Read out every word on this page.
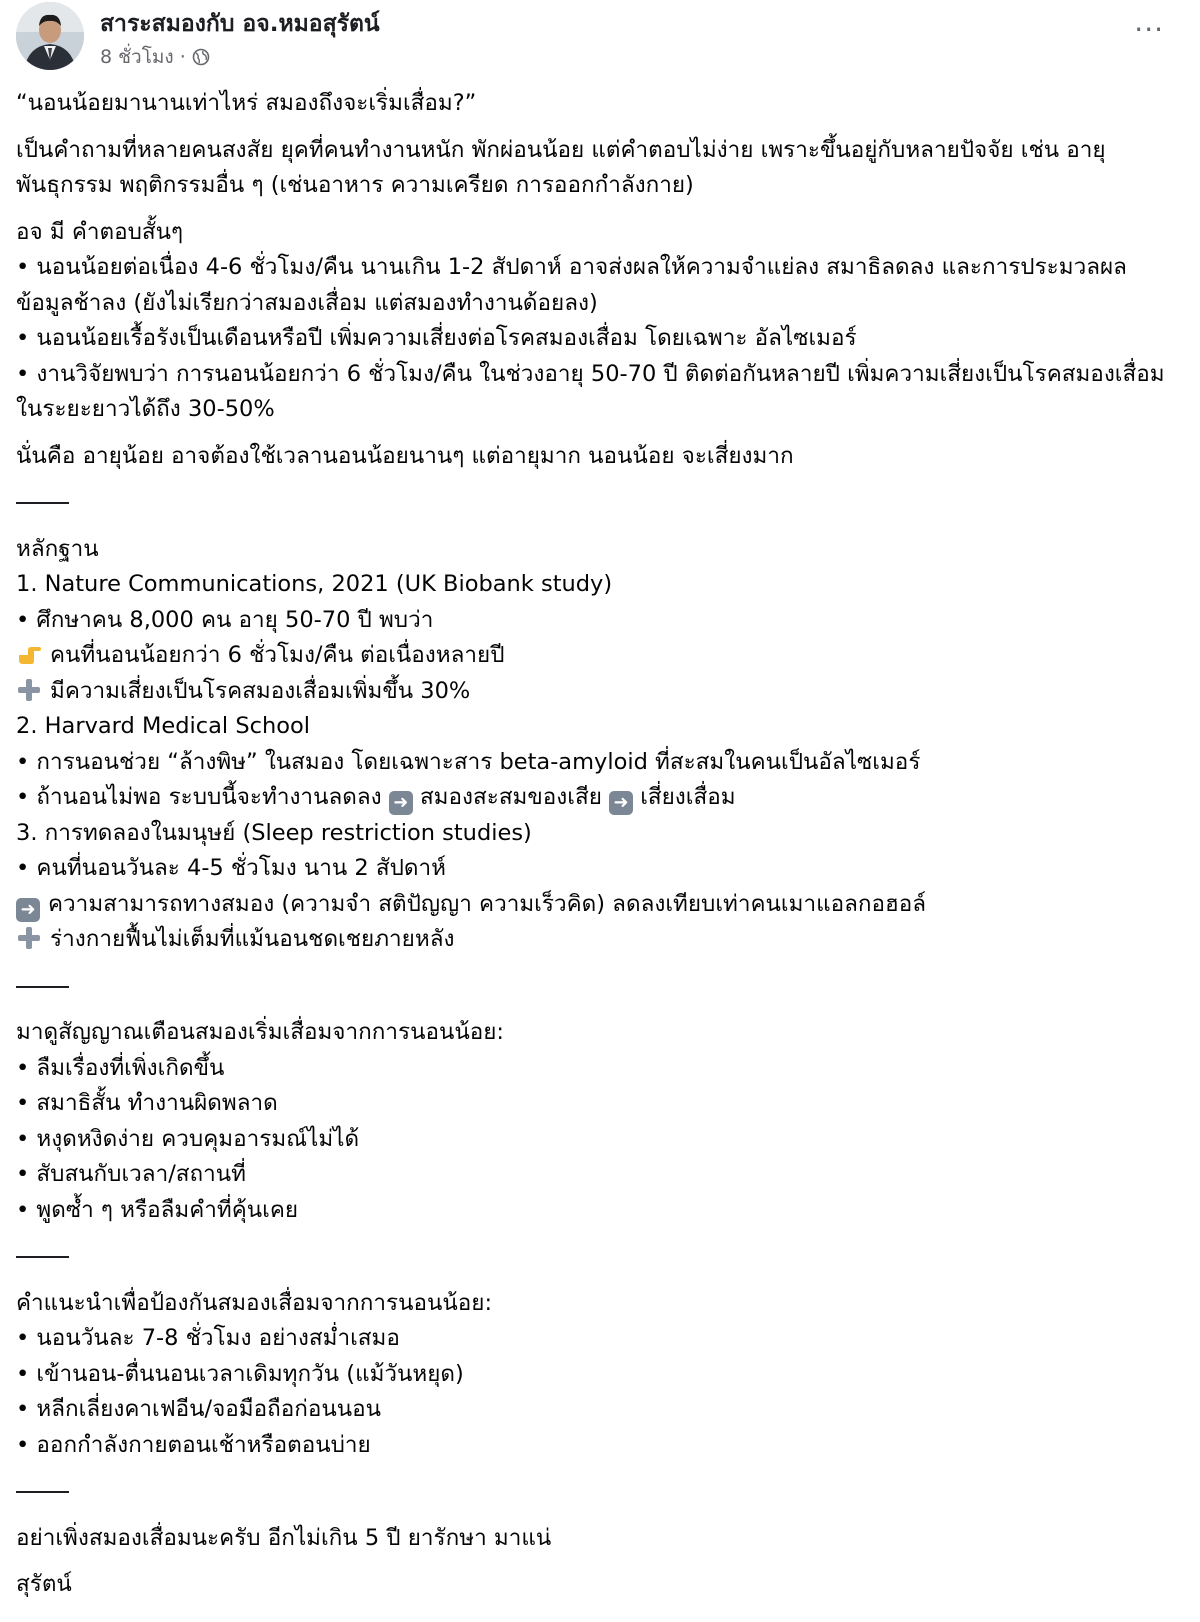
สาระสมองกับ อจ.หมอสุรัตน์
8 ชั่วโมง ·
···
“นอนน้อยมานานเท่าไหร่ สมองถึงจะเริ่มเสื่อม?”
เป็นคำถามที่หลายคนสงสัย ยุคที่คนทำงานหนัก พักผ่อนน้อย แต่คำตอบไม่ง่าย เพราะขึ้นอยู่กับหลายปัจจัย เช่น อายุ พันธุกรรม พฤติกรรมอื่น ๆ (เช่นอาหาร ความเครียด การออกกำลังกาย)
อจ มี คำตอบสั้นๆ
• นอนน้อยต่อเนื่อง 4-6 ชั่วโมง/คืน นานเกิน 1-2 สัปดาห์ อาจส่งผลให้ความจำแย่ลง สมาธิลดลง และการประมวลผลข้อมูลช้าลง (ยังไม่เรียกว่าสมองเสื่อม แต่สมองทำงานด้อยลง)
• นอนน้อยเรื้อรังเป็นเดือนหรือปี เพิ่มความเสี่ยงต่อโรคสมองเสื่อม โดยเฉพาะ อัลไซเมอร์
• งานวิจัยพบว่า การนอนน้อยกว่า 6 ชั่วโมง/คืน ในช่วงอายุ 50-70 ปี ติดต่อกันหลายปี เพิ่มความเสี่ยงเป็นโรคสมองเสื่อมในระยะยาวได้ถึง 30-50%
นั่นคือ อายุน้อย อาจต้องใช้เวลานอนน้อยนานๆ แต่อายุมาก นอนน้อย จะเสี่ยงมาก
หลักฐาน
1. Nature Communications, 2021 (UK Biobank study)
• ศึกษาคน 8,000 คน อายุ 50-70 ปี พบว่า
คนที่นอนน้อยกว่า 6 ชั่วโมง/คืน ต่อเนื่องหลายปี
มีความเสี่ยงเป็นโรคสมองเสื่อมเพิ่มขึ้น 30%
2. Harvard Medical School
• การนอนช่วย “ล้างพิษ” ในสมอง โดยเฉพาะสาร beta-amyloid ที่สะสมในคนเป็นอัลไซเมอร์
• ถ้านอนไม่พอ ระบบนี้จะทำงานลดลง ➜ สมองสะสมของเสีย ➜ เสี่ยงเสื่อม
3. การทดลองในมนุษย์ (Sleep restriction studies)
• คนที่นอนวันละ 4-5 ชั่วโมง นาน 2 สัปดาห์
➜ ความสามารถทางสมอง (ความจำ สติปัญญา ความเร็วคิด) ลดลงเทียบเท่าคนเมาแอลกอฮอล์
ร่างกายฟื้นไม่เต็มที่แม้นอนชดเชยภายหลัง
มาดูสัญญาณเตือนสมองเริ่มเสื่อมจากการนอนน้อย:
• ลืมเรื่องที่เพิ่งเกิดขึ้น
• สมาธิสั้น ทำงานผิดพลาด
• หงุดหงิดง่าย ควบคุมอารมณ์ไม่ได้
• สับสนกับเวลา/สถานที่
• พูดซ้ำ ๆ หรือลืมคำที่คุ้นเคย
คำแนะนำเพื่อป้องกันสมองเสื่อมจากการนอนน้อย:
• นอนวันละ 7-8 ชั่วโมง อย่างสม่ำเสมอ
• เข้านอน-ตื่นนอนเวลาเดิมทุกวัน (แม้วันหยุด)
• หลีกเลี่ยงคาเฟอีน/จอมือถือก่อนนอน
• ออกกำลังกายตอนเช้าหรือตอนบ่าย
อย่าเพิ่งสมองเสื่อมนะครับ อีกไม่เกิน 5 ปี ยารักษา มาแน่
สุรัตน์
